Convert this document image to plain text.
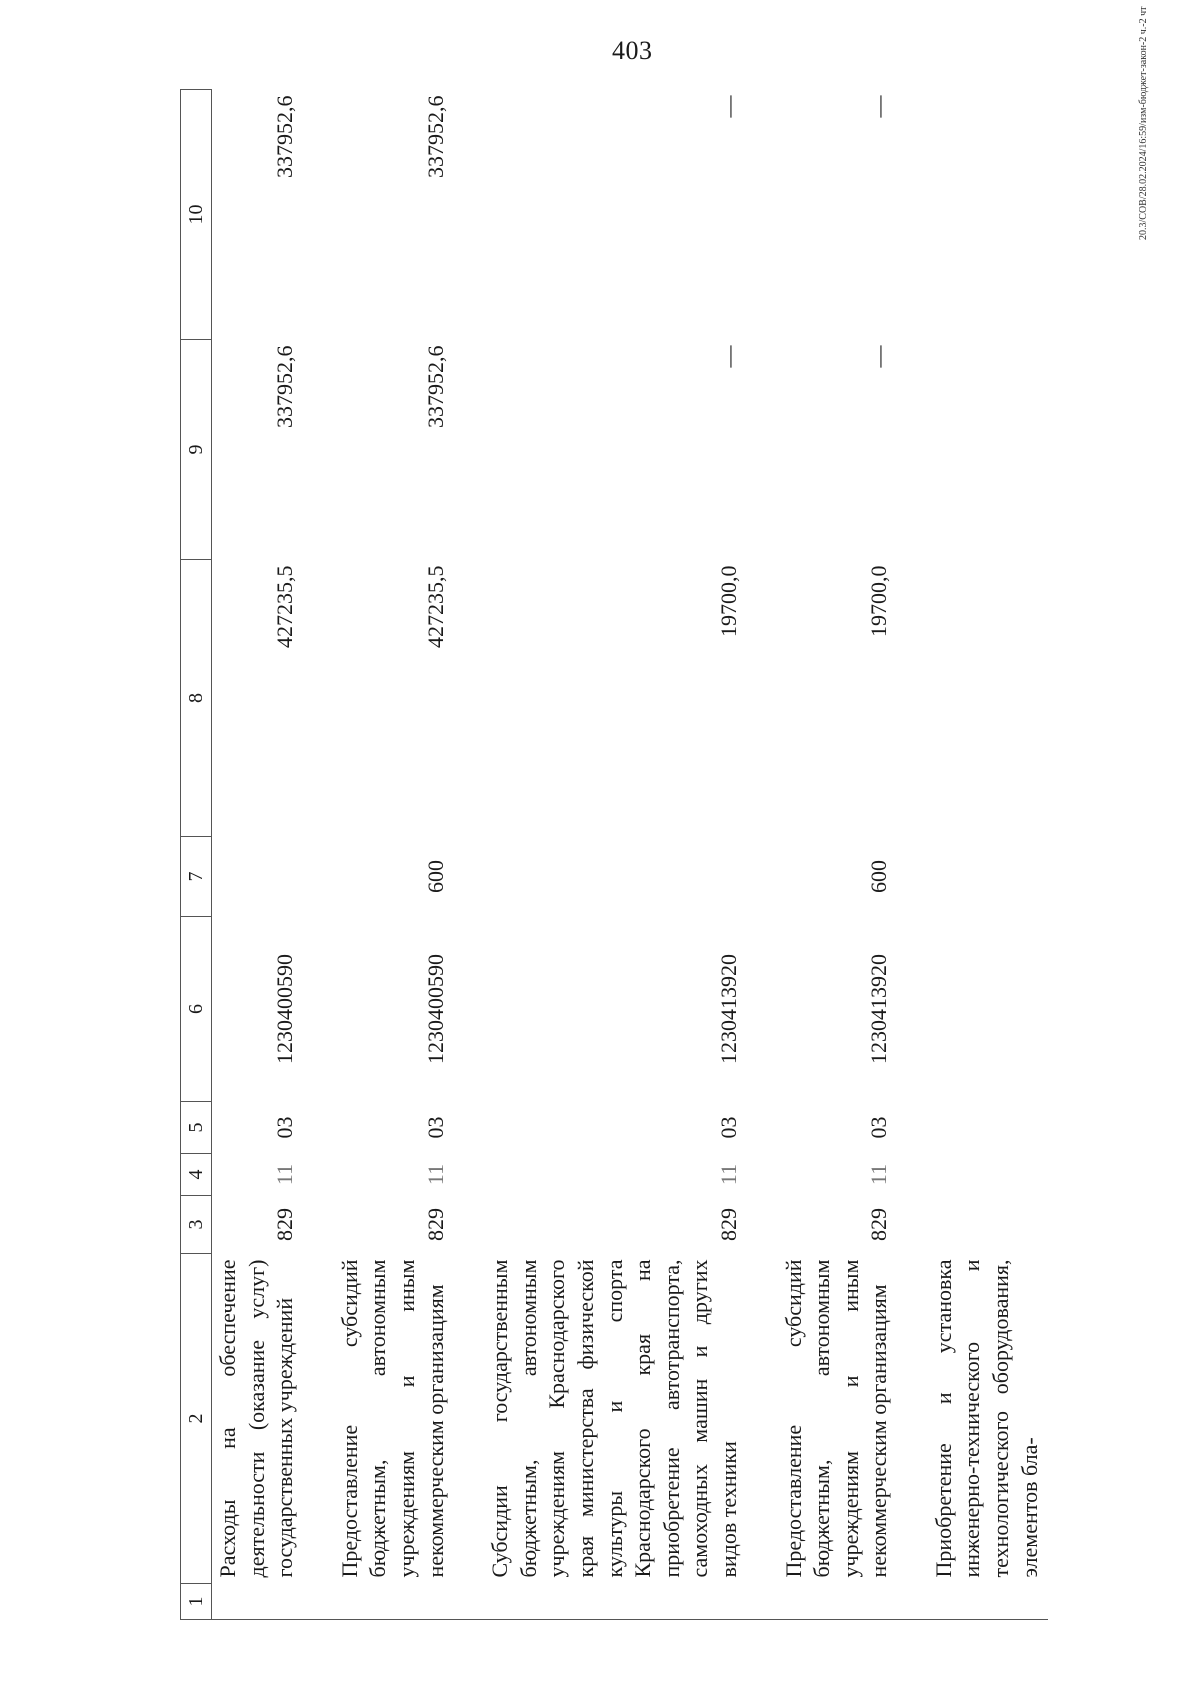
403	20.3/СОВ/28.02.2024/16:59/изм-бюджет-закон-2 ч.-2 чт
1	2	3	4	5	6	7	8	9	10
	Расходы на обеспечение деятельности (оказание услуг) государственных учреждений	829	11	03	1230400590		427235,5	337952,6	337952,6

	Предоставление субсидий бюджетным, автономным учреждениям и иным некоммерческим организациям	829	11	03	1230400590	600	427235,5	337952,6	337952,6

	Субсидии государственным бюджетным, автономным учреждениям Краснодарского края министерства физической культуры и спорта Краснодарского края на приобретение автотранспорта, самоходных машин и других видов техники	829	11	03	1230413920		19700,0	—	—

	Предоставление субсидий бюджетным, автономным учреждениям и иным некоммерческим организациям	829	11	03	1230413920	600	19700,0	—	—

	Приобретение и установка инженерно-технического и технологического оборудования, элементов бла-								
